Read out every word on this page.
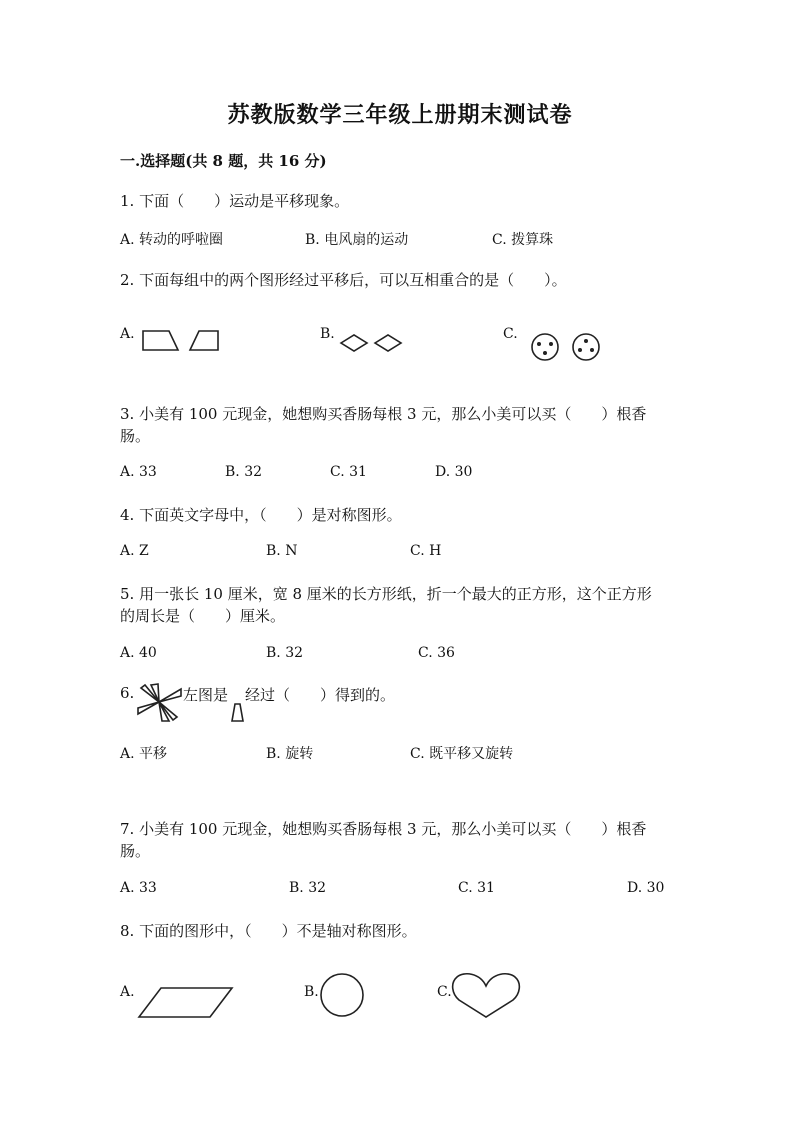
苏教版数学三年级上册期末测试卷
一.选择题(共 8 题，共 16 分)
1. 下面（　　）运动是平移现象。
A. 转动的呼啦圈	B. 电风扇的运动	C. 拨算珠
2. 下面每组中的两个图形经过平移后，可以互相重合的是（　　）。
A.	B.	C.
3. 小美有 100 元现金，她想购买香肠每根 3 元，那么小美可以买（　　）根香
肠。
A. 33	B. 32	C. 31	D. 30
4. 下面英文字母中，（　　）是对称图形。
A. Z	B. N	C. H
5. 用一张长 10 厘米，宽 8 厘米的长方形纸，折一个最大的正方形，这个正方形
的周长是（　　）厘米。
A. 40	B. 32	C. 36
6.	左图是 经过（　　）得到的。
A. 平移	B. 旋转	C. 既平移又旋转
7. 小美有 100 元现金，她想购买香肠每根 3 元，那么小美可以买（　　）根香
肠。
A. 33	B. 32	C. 31	D. 30
8. 下面的图形中，（　　）不是轴对称图形。
A.	B.	C.
